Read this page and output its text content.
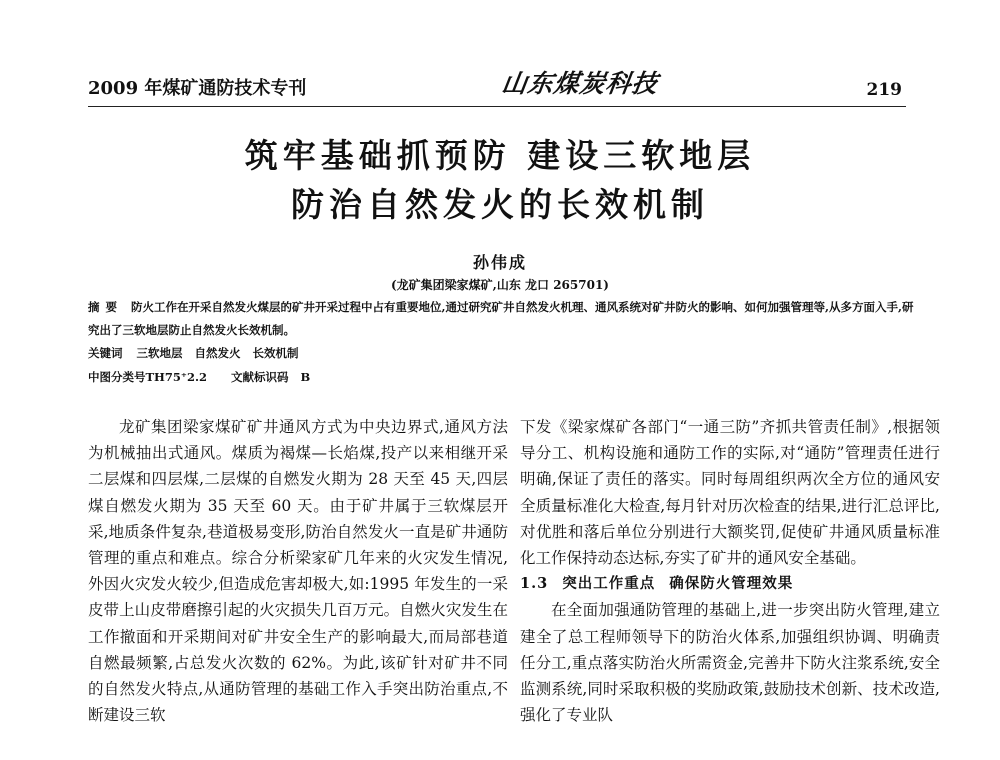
2009 年煤矿通防技术专刊	山东煤炭科技	219
筑牢基础抓预防 建设三软地层
防治自然发火的长效机制
孙伟成
(龙矿集团梁家煤矿,山东 龙口 265701)
摘要 防火工作在开采自然发火煤层的矿井开采过程中占有重要地位,通过研究矿井自然发火机理、通风系统对矿井防火的影响、如何加强管理等,从多方面入手,研究出了三软地层防止自然发火长效机制。
关键词 三软地层 自然发火 长效机制
中图分类号TH75⁺2.2 文献标识码 B

龙矿集团梁家煤矿矿井通风方式为中央边界式,通风方法为机械抽出式通风。煤质为褐煤—长焰煤,投产以来相继开采二层煤和四层煤,二层煤的自燃发火期为 28 天至 45 天,四层煤自燃发火期为 35 天至 60 天。由于矿井属于三软煤层开采,地质条件复杂,巷道极易变形,防治自然发火一直是矿井通防管理的重点和难点。综合分析梁家矿几年来的火灾发生情况,外因火灾发火较少,但造成危害却极大,如:1995 年发生的一采皮带上山皮带磨擦引起的火灾损失几百万元。自燃火灾发生在工作撤面和开采期间对矿井安全生产的影响最大,而局部巷道自燃最频繁,占总发火次数的 62%。为此,该矿针对矿井不同的自然发火特点,从通防管理的基础工作入手突出防治重点,不断建设三软

下发《梁家煤矿各部门“一通三防”齐抓共管责任制》,根据领导分工、机构设施和通防工作的实际,对“通防”管理责任进行明确,保证了责任的落实。同时每周组织两次全方位的通风安全质量标准化大检查,每月针对历次检查的结果,进行汇总评比,对优胜和落后单位分别进行大额奖罚,促使矿井通风质量标准化工作保持动态达标,夯实了矿井的通风安全基础。

1.3 突出工作重点 确保防火管理效果

在全面加强通防管理的基础上,进一步突出防火管理,建立建全了总工程师领导下的防治火体系,加强组织协调、明确责任分工,重点落实防治火所需资金,完善井下防火注浆系统,安全监测系统,同时采取积极的奖励政策,鼓励技术创新、技术改造,强化了专业队
